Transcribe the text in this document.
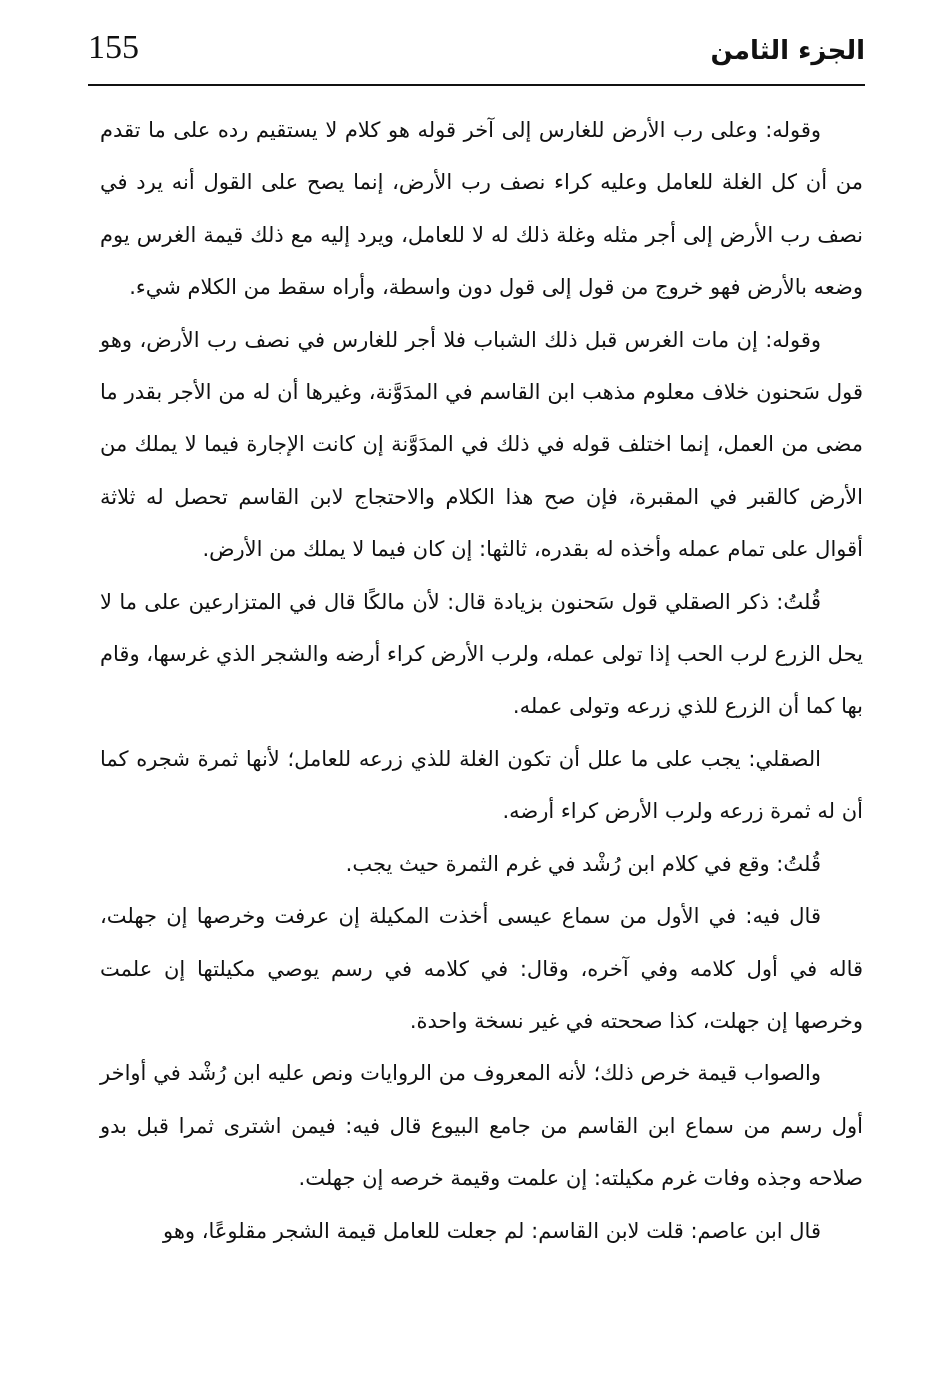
155	الجزء الثامن

وقوله: وعلى رب الأرض للغارس إلى آخر قوله هو كلام لا يستقيم رده على ما تقدم من أن كل الغلة للعامل وعليه كراء نصف رب الأرض، إنما يصح على القول أنه يرد في نصف رب الأرض إلى أجر مثله وغلة ذلك له لا للعامل، ويرد إليه مع ذلك قيمة الغرس يوم وضعه بالأرض فهو خروج من قول إلى قول دون واسطة، وأراه سقط من الكلام شيء.

وقوله: إن مات الغرس قبل ذلك الشباب فلا أجر للغارس في نصف رب الأرض، وهو قول سَحنون خلاف معلوم مذهب ابن القاسم في المدَوَّنة، وغيرها أن له من الأجر بقدر ما مضى من العمل، إنما اختلف قوله في ذلك في المدَوَّنة إن كانت الإجارة فيما لا يملك من الأرض كالقبر في المقبرة، فإن صح هذا الكلام والاحتجاج لابن القاسم تحصل له ثلاثة أقوال على تمام عمله وأخذه له بقدره، ثالثها: إن كان فيما لا يملك من الأرض.

قُلتُ: ذكر الصقلي قول سَحنون بزيادة قال: لأن مالكًا قال في المتزارعين على ما لا يحل الزرع لرب الحب إذا تولى عمله، ولرب الأرض كراء أرضه والشجر الذي غرسها، وقام بها كما أن الزرع للذي زرعه وتولى عمله.

الصقلي: يجب على ما علل أن تكون الغلة للذي زرعه للعامل؛ لأنها ثمرة شجره كما أن له ثمرة زرعه ولرب الأرض كراء أرضه.

قُلتُ: وقع في كلام ابن رُشْد في غرم الثمرة حيث يجب.

قال فيه: في الأول من سماع عيسى أخذت المكيلة إن عرفت وخرصها إن جهلت، قاله في أول كلامه وفي آخره، وقال: في كلامه في رسم يوصي مكيلتها إن علمت وخرصها إن جهلت، كذا صححته في غير نسخة واحدة.

والصواب قيمة خرص ذلك؛ لأنه المعروف من الروايات ونص عليه ابن رُشْد في أواخر أول رسم من سماع ابن القاسم من جامع البيوع قال فيه: فيمن اشترى ثمرا قبل بدو صلاحه وجذه وفات غرم مكيلته: إن علمت وقيمة خرصه إن جهلت.

قال ابن عاصم: قلت لابن القاسم: لم جعلت للعامل قيمة الشجر مقلوعًا، وهو
